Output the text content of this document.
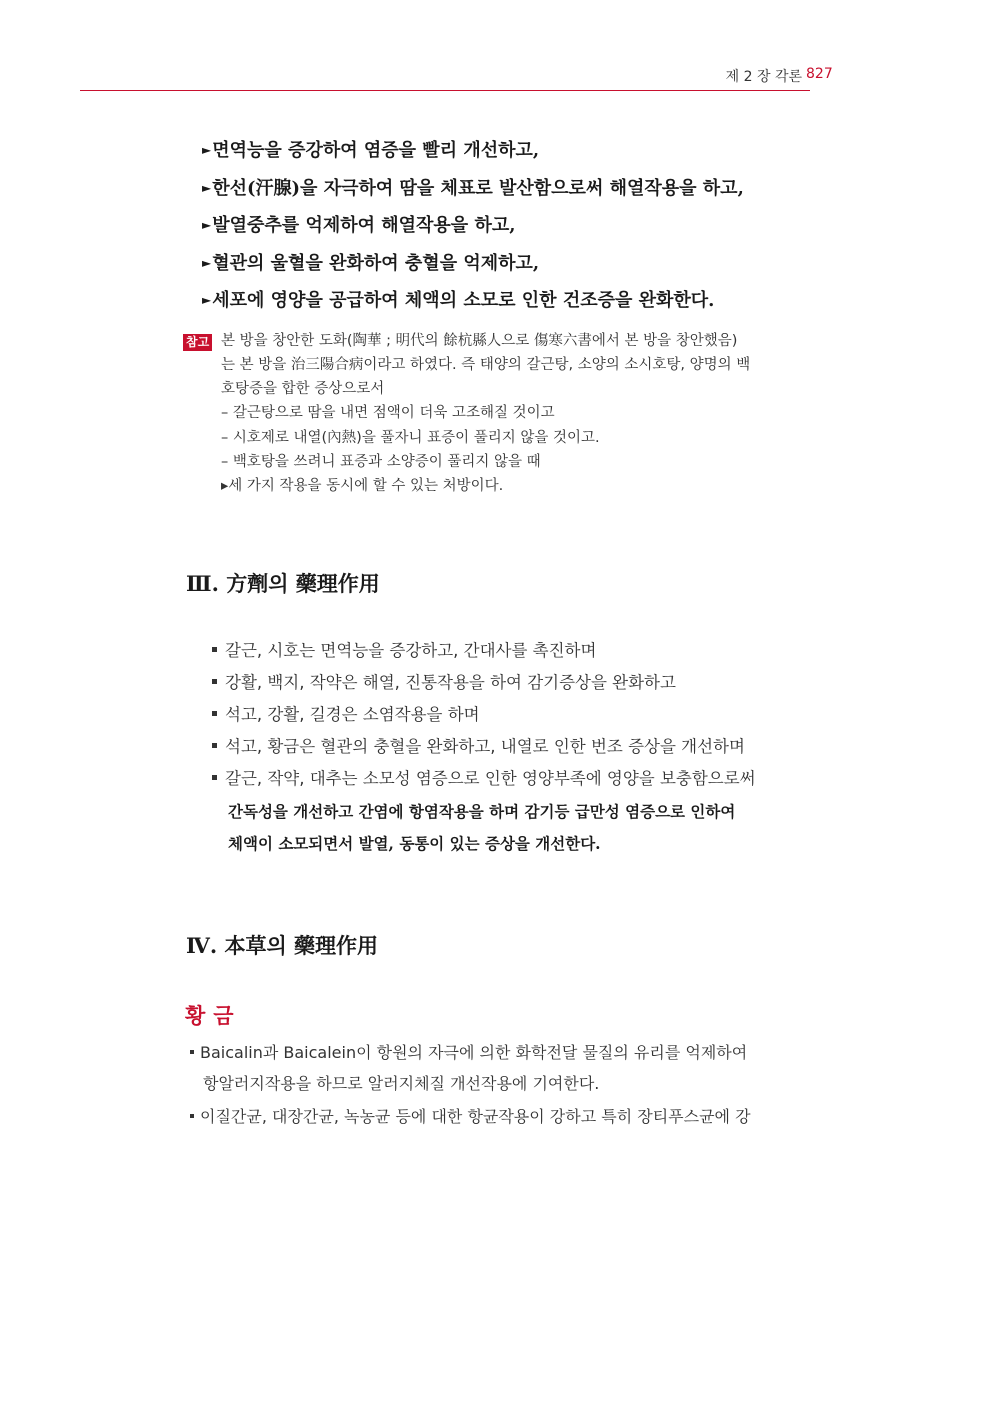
제 2 장 각론 827
►면역능을 증강하여 염증을 빨리 개선하고,
►한선(汗腺)을 자극하여 땀을 체표로 발산함으로써 해열작용을 하고,
►발열중추를 억제하여 해열작용을 하고,
►혈관의 울혈을 완화하여 충혈을 억제하고,
►세포에 영양을 공급하여 체액의 소모로 인한 건조증을 완화한다.
참고 본 방을 창안한 도화(陶華 ; 明代의 餘杭縣人으로 傷寒六書에서 본 방을 창안했음)
는 본 방을 治三陽合病이라고 하였다. 즉 태양의 갈근탕, 소양의 소시호탕, 양명의 백
호탕증을 합한 증상으로서
– 갈근탕으로 땀을 내면 점액이 더욱 고조해질 것이고
– 시호제로 내열(內熱)을 풀자니 표증이 풀리지 않을 것이고.
– 백호탕을 쓰려니 표증과 소양증이 풀리지 않을 때
▸세 가지 작용을 동시에 할 수 있는 처방이다.
Ⅲ. 方劑의 藥理作用
갈근, 시호는 면역능을 증강하고, 간대사를 촉진하며
강활, 백지, 작약은 해열, 진통작용을 하여 감기증상을 완화하고
석고, 강활, 길경은 소염작용을 하며
석고, 황금은 혈관의 충혈을 완화하고, 내열로 인한 번조 증상을 개선하며
갈근, 작약, 대추는 소모성 염증으로 인한 영양부족에 영양을 보충함으로써
간독성을 개선하고 간염에 항염작용을 하며 감기등 급만성 염증으로 인하여
체액이 소모되면서 발열, 동통이 있는 증상을 개선한다.
Ⅳ. 本草의 藥理作用
황금
Baicalin과 Baicalein이 항원의 자극에 의한 화학전달 물질의 유리를 억제하여
항알러지작용을 하므로 알러지체질 개선작용에 기여한다.
이질간균, 대장간균, 녹농균 등에 대한 항균작용이 강하고 특히 장티푸스균에 강
